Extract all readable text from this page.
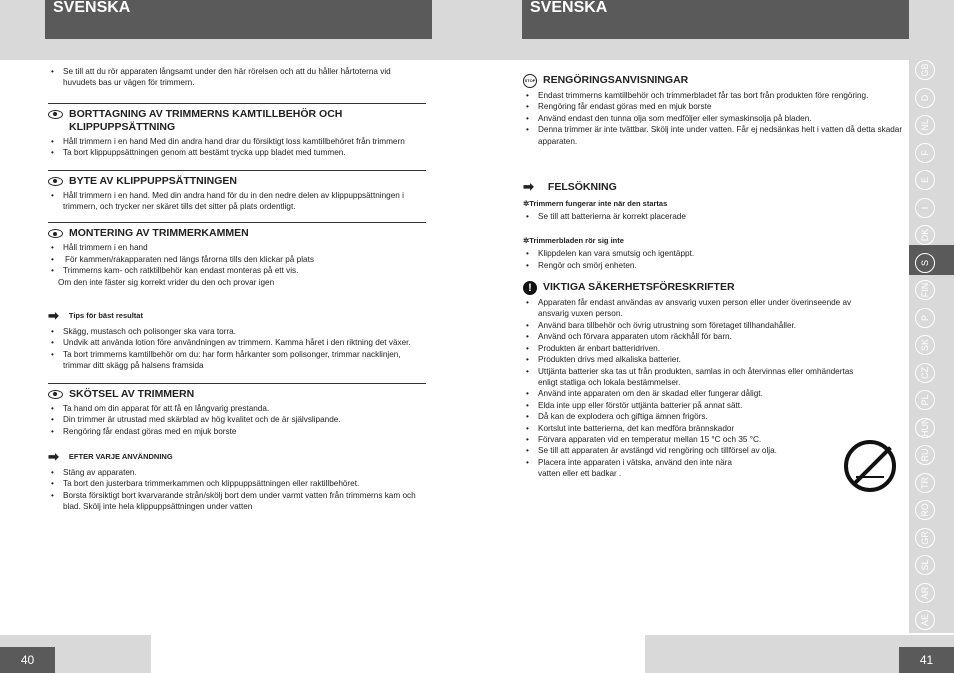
SVENSKA
• Se till att du rör apparaten långsamt under den här rörelsen och att du håller hårtoterna vid huvudets bas ur vägen för trimmern.
BORTTAGNING AV TRIMMERNS KAMTILLBEHÖR OCH KLIPPUPPSÄTTNING
• Håll trimmern i en hand Med din andra hand drar du försiktigt loss kamtillbehöret från trimmern
• Ta bort klippuppsättningen genom att bestämt trycka upp bladet med tummen.
BYTE AV KLIPPUPPSÄTTNINGEN
• Håll trimmern i en hand. Med din andra hand för du in den nedre delen av klippuppsättningen i trimmern, och trycker ner skäret tills det sitter på plats ordentligt.
MONTERING AV TRIMMERKAMMEN
• Håll trimmern i en hand
• För kammen/rakapparaten ned längs fårorna tills den klickar på plats
• Trimmerns kam- och ratktillbehör kan endast monteras på ett vis.
Om den inte fäster sig korrekt vrider du den och provar igen
➡ Tips för bäst resultat
• Skägg, mustasch och polisonger ska vara torra.
• Undvik att använda lotion före användningen av trimmern. Kamma håret i den riktning det växer.
• Ta bort trimmerns kamtillbehör om du: har form hårkanter som polisonger, trimmar nacklinjen, trimmar ditt skägg på halsens framsida
SKÖTSEL AV TRIMMERN
• Ta hand om din apparat för att få en långvarig prestanda.
• Din trimmer är utrustad med skärblad av hög kvalitet och de är självslipande.
• Rengöring får endast göras med en mjuk borste
➡ EFTER VARJE ANVÄNDNING
• Stäng av apparaten.
• Ta bort den justerbara trimmerkammen och klippuppsättningen eller raktillbehöret.
• Borsta försiktigt bort kvarvarande strån/skölj bort dem under varmt vatten från trimmerns kam och blad. Skölj inte hela klippuppsättningen under vatten
40
SVENSKA
STOP RENGÖRINGSANVISNINGAR
• Endast trimmerns kamtillbehör och trimmerbladet får tas bort från produkten före rengöring.
• Rengöring får endast göras med en mjuk borste
• Använd endast den tunna olja som medföljer eller symaskinsolja på bladen.
• Denna trimmer är inte tvättbar. Skölj inte under vatten. Får ej nedsänkas helt i vatten då detta skadar apparaten.
➡ FELSÖKNING
✲Trimmern fungerar inte när den startas
• Se till att batterierna är korrekt placerade
✲Trimmerbladen rör sig inte
• Klippdelen kan vara smutsig och igentäppt.
• Rengör och smörj enheten.
!	VIKTIGA SÄKERHETSFÖRESKRIFTER
• Apparaten får endast användas av ansvarig vuxen person eller under överinseende av ansvarig vuxen person.
• Använd bara tillbehör och övrig utrustning som företaget tillhandahåller.
• Använd och förvara apparaten utom räckhåll för barn.
• Produkten är enbart batteridriven.
• Produkten drivs med alkaliska batterier.
• Uttjänta batterier ska tas ut från produkten, samlas in och återvinnas eller omhändertas enligt statliga och lokala bestämmelser.
• Använd inte apparaten om den är skadad eller fungerar dåligt.
• Elda inte upp eller förstör uttjänta batterier på annat sätt.
• Då kan de explodera och giftiga ämnen frigörs.
• Kortslut inte batterierna, det kan medföra brännskador
• Förvara apparaten vid en temperatur mellan 15 °C och 35 °C.
• Se till att apparaten är avstängd vid rengöring och tillförsel av olja.
• Placera inte apparaten i vätska, använd den inte nära vatten eller ett badkar .
41
GB
D
NL
F
E
I
DK
S
FIN
P
SK
CZ
PL
HUN
RU
TR
RO
GR
SL
AR
AE
